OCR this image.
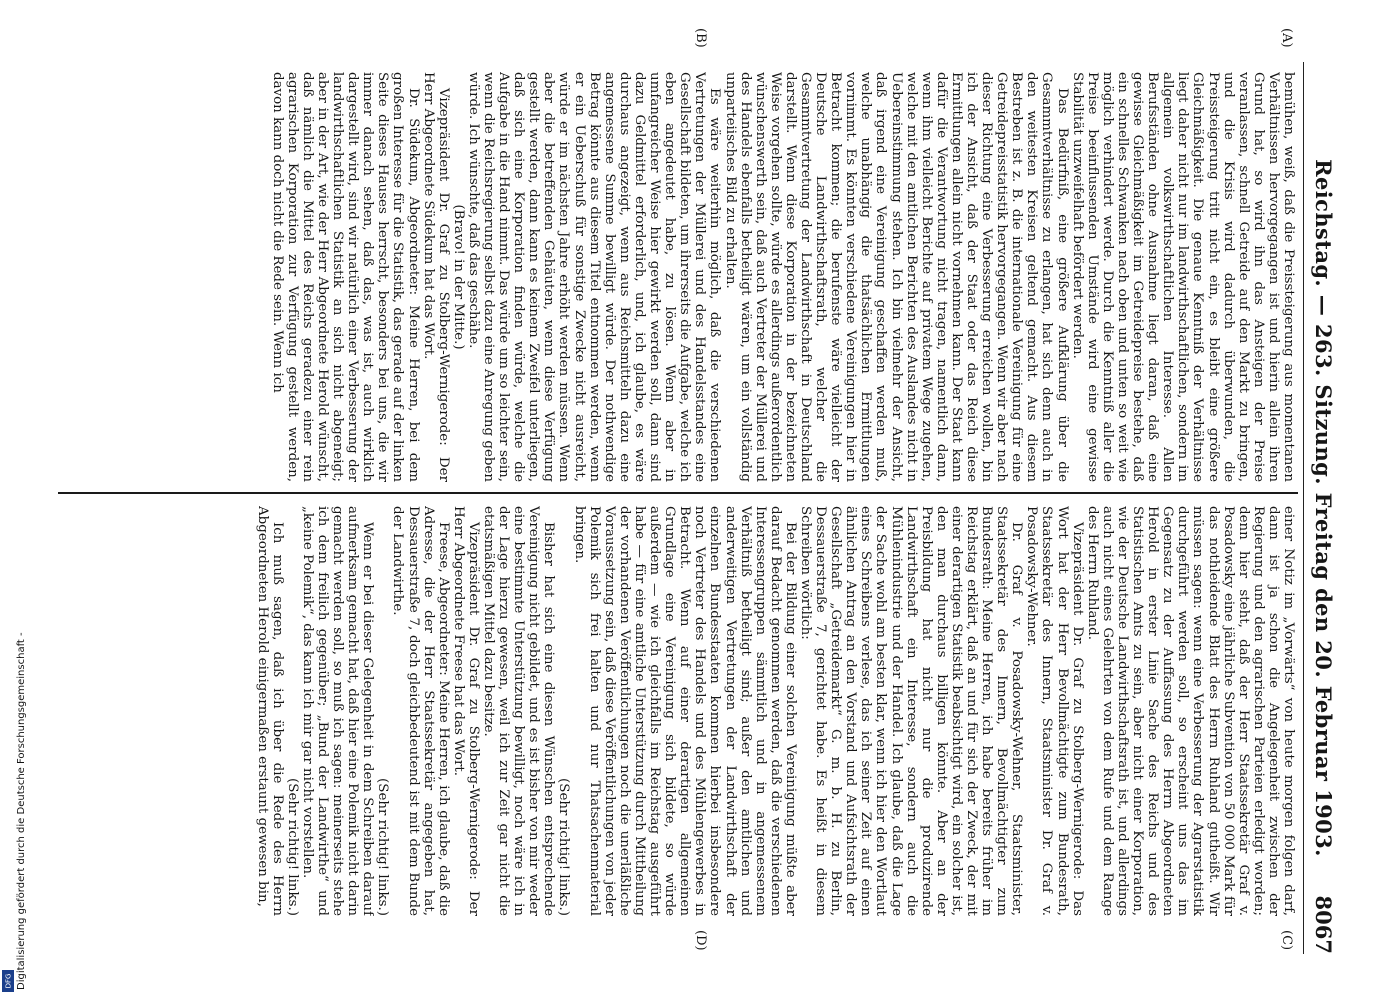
Reichstag. — 263. Sitzung. Freitag den 20. Februar 1903.
8067
(A)
(B)
(C)
(D)

bemühen, weiß, daß die Preissteigerung aus momentanen Verhältnissen hervorgegangen ist und hierin allein ihren Grund hat, so wird ihn das Ansteigen der Preise veranlassen, schnell Getreide auf den Markt zu bringen, und die Krisis wird dadurch überwunden, die Preissteigerung tritt nicht ein, es bleibt eine größere Gleichmäßigkeit. Die genaue Kenntniß der Verhältnisse liegt daher nicht nur im landwirthschaftlichen, sondern im allgemein volkswirthschaftlichen Interesse. Allen Berufsständen ohne Ausnahme liegt daran, daß eine gewisse Gleichmäßigkeit im Getreidepreise bestehe, daß ein schnelles Schwanken nach oben und unten so weit wie möglich verhindert werde. Durch die Kenntniß aller die Preise beeinflussenden Umstände wird eine gewisse Stabilität unzweifelhaft befördert werden.

Das Bedürfniß, eine größere Aufklärung über die Gesammtverhältnisse zu erlangen, hat sich denn auch in den weitesten Kreisen geltend gemacht. Aus diesem Bestreben ist z. B. die internationale Vereinigung für eine Getreidepreisstatistik hervorgegangen. Wenn wir aber nach dieser Richtung eine Verbesserung erreichen wollen, bin ich der Ansicht, daß der Staat oder das Reich diese Ermittlungen allein nicht vornehmen kann. Der Staat kann dafür die Verantwortung nicht tragen, namentlich dann, wenn ihm vielleicht Berichte auf privatem Wege zugehen, welche mit den amtlichen Berichten des Auslandes nicht in Uebereinstimmung stehen. Ich bin vielmehr der Ansicht, daß irgend eine Vereinigung geschaffen werden muß, welche unabhängig die thatsächlichen Ermittlungen vornimmt. Es könnten verschiedene Vereinigungen hier in Betracht kommen; die berufenste wäre vielleicht der Deutsche Landwirthschaftsrath, welcher die Gesammtvertretung der Landwirthschaft in Deutschland darstellt. Wenn diese Korporation in der bezeichneten Weise vorgehen sollte, würde es allerdings außerordentlich wünschenswerth sein, daß auch Vertreter der Müllerei und des Handels ebenfalls betheiligt wären, um ein vollständig unparteiisches Bild zu erhalten.

Es wäre weiterhin möglich, daß die verschiedenen Vertretungen der Müllerei und des Handelsstandes eine Gesellschaft bildeten, um ihrerseits die Aufgabe, welche ich eben angedeutet habe, zu lösen. Wenn aber in umfangreicher Weise hier gewirkt werden soll, dann sind dazu Geldmittel erforderlich, und, ich glaube, es wäre durchaus angezeigt, wenn aus Reichsmitteln dazu eine angemessene Summe bewilligt würde. Der nothwendige Betrag könnte aus diesem Titel entnommen werden, wenn er ein Ueberschuß für sonstige Zwecke nicht ausreicht, würde er im nächsten Jahre erhöht werden müssen. Wenn aber die betreffenden Gehäuten, wenn diese Verfügung gestellt werden, dann kann es keinem Zweifel unterliegen, daß sich eine Korporation finden würde, welche die Aufgabe in die Hand nimmt. Das würde um so leichter sein, wenn die Reichsregierung selbst dazu eine Anregung geben würde. Ich wünschte, daß das geschähe.

(Bravo! in der Mitte.)

Vizepräsident Dr. Graf zu Stolberg-Wernigerode: Der Herr Abgeordnete Südekum hat das Wort.

Dr. Südekum, Abgeordneter: Meine Herren, bei dem großen Interesse für die Statistik, das gerade auf der linken Seite dieses Hauses herrscht, besonders bei uns, die wir immer danach sehen, daß das, was ist, auch wirklich dargestellt wird, sind wir natürlich einer Verbesserung der landwirthschaftlichen Statistik an sich nicht abgeneigt; aber in der Art, wie der Herr Abgeordnete Herold wünscht, daß nämlich die Mittel des Reichs geradezu einer rein agrarischen Korporation zur Verfügung gestellt werden, davon kann doch nicht die Rede sein. Wenn ich

einer Notiz im „Vorwärts“ von heute morgen folgen darf, dann ist ja schon die Angelegenheit zwischen der Regierung und den agrarischen Parteien erledigt worden; denn hier steht, daß der Herr Staatssekretär Graf v. Posadowsky eine jährliche Subvention von 50 000 Mark für das nothleidende Blatt des Herrn Ruhland gutheißt. Wir müssen sagen: wenn eine Verbesserung der Agrarstatistik durchgeführt werden soll, so erscheint uns das im Gegensatz zu der Auffassung des Herrn Abgeordneten Herold in erster Linie Sache des Reichs und des Statistischen Amts zu sein, aber nicht einer Korporation, wie der Deutsche Landwirthschaftsrath ist, und allerdings auch nicht eines Gelehrten von dem Rufe und dem Range des Herrn Ruhland.

Vizepräsident Dr. Graf zu Stolberg-Wernigerode: Das Wort hat der Herr Bevollmächtigte zum Bundesrath, Staatssekretär des Innern, Staatsminister Dr. Graf v. Posadowsky-Wehner.

Dr. Graf v. Posadowsky-Wehner, Staatsminister, Staatssekretär des Innern, Bevollmächtigter zum Bundesrath: Meine Herren, ich habe bereits früher im Reichstag erklärt, daß an und für sich der Zweck, der mit einer derartigen Statistik beabsichtigt wird, ein solcher ist, den man durchaus billigen könnte. Aber an der Preisbildung hat nicht nur die produzirende Landwirthschaft ein Interesse, sondern auch die Mühlenindustrie und der Handel. Ich glaube, daß die Lage der Sache wohl am besten klar, wenn ich hier den Wortlaut eines Schreibens verlese, das ich seiner Zeit auf einen ähnlichen Antrag an den Vorstand und Aufsichtsrath der Gesellschaft „Getreidemarkt“ G. m. b. H. zu Berlin, Dessauerstraße 7, gerichtet habe. Es heißt in diesem Schreiben wörtlich:

Bei der Bildung einer solchen Vereinigung müßte aber darauf Bedacht genommen werden, daß die verschiedenen Interessengruppen sämmtlich und in angemessenem Verhältniß betheiligt sind; außer den amtlichen und anderweitigen Vertretungen der Landwirthschaft der einzelnen Bundesstaaten kommen hierbei insbesondere noch Vertreter des Handels und des Mühlengewerbes in Betracht. Wenn auf einer derartigen allgemeinen Grundlage eine Vereinigung sich bildete, so würde außerdem — wie ich gleichfalls im Reichstag ausgeführt habe — für eine amtliche Unterstützung durch Mittheilung der vorhandenen Veröffentlichungen noch die unerläßliche Voraussetzung sein, daß diese Veröffentlichungen von jeder Polemik sich frei halten und nur Thatsachenmaterial bringen.

(Sehr richtig! links.)

Bisher hat sich eine diesen Wünschen entsprechende Vereinigung nicht gebildet, und es ist bisher von mir weder eine bestimmte Unterstützung bewilligt, noch wäre ich in der Lage hierzu gewesen, weil ich zur Zeit gar nicht die etatsmäßigen Mittel dazu besitze.

Vizepräsident Dr. Graf zu Stolberg-Wernigerode: Der Herr Abgeordnete Freese hat das Wort.

Freese, Abgeordneter: Meine Herren, ich glaube, daß die Adresse, die der Herr Staatssekretär angegeben hat, Dessauerstraße 7, doch gleichbedeutend ist mit dem Bunde der Landwirthe.

(Sehr richtig! links.)

Wenn er bei dieser Gelegenheit in dem Schreiben darauf aufmerksam gemacht hat, daß hier eine Polemik nicht darin gemacht werden soll, so muß ich sagen: meinerseits stehe ich dem freilich gegenüber; „Bund der Landwirthe“ und „keine Polemik“, das kann ich mir gar nicht vorstellen.

(Sehr richtig! links.)

Ich muß sagen, daß ich über die Rede des Herrn Abgeordneten Herold einigermaßen erstaunt gewesen bin,

Digitalisierung gefördert durch die Deutsche Forschungsgemeinschaft -
DFG
